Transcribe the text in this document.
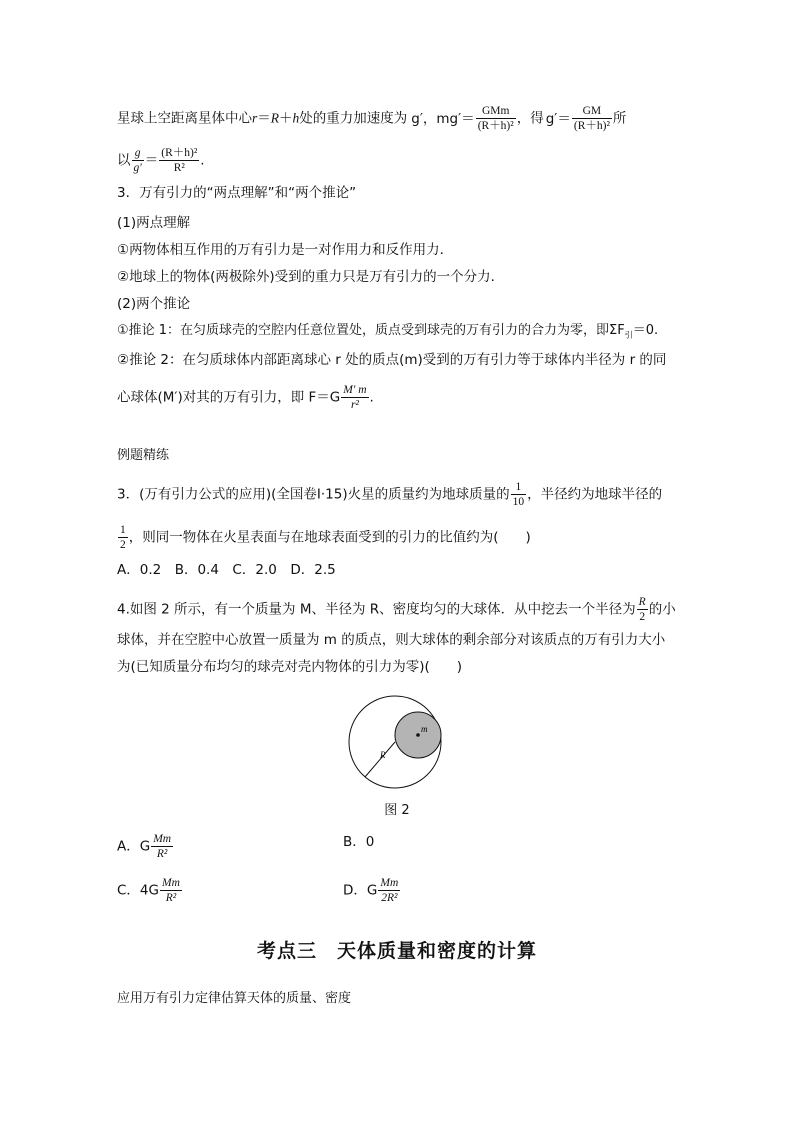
星球上空距离星体中心r＝R＋h处的重力加速度为 g′，$mg'= \frac{\text{GMm}}{\text{(R＋h)²}}$ ，得 $g'= \frac{GM}{\text{(R＋h)²}}$ 所
以 $\frac{g}{g'} = \frac{\text{(R＋h)²}}{\text{R²}}$ .
3．万有引力的“两点理解”和“两个推论”
(1)两点理解
①两物体相互作用的万有引力是一对作用力和反作用力．
②地球上的物体(两极除外)受到的重力只是万有引力的一个分力．
(2)两个推论
①推论 1：在匀质球壳的空腔内任意位置处，质点受到球壳的万有引力的合力为零，即$\Sigma F_引=0$.
②推论 2：在匀质球体内部距离球心 r 处的质点(m)受到的万有引力等于球体内半径为 r 的同
心球体(M′)对其的万有引力，即 $F=G \frac{M' m}{\text{r²}}$ .
例题精练
3．(万有引力公式的应用)(全国卷Ⅰ·15)火星的质量约为地球质量的 $\frac{1}{10}$ ，半径约为地球半径的
$\frac{1}{2}$ ，则同一物体在火星表面与在地球表面受到的引力的比值约为(　　)
A．0.2　B．0.4　C．2.0　D．2.5
4.如图 2 所示，有一个质量为 M、半径为 R、密度均匀的大球体．从中挖去一个半径为 $\frac{R}{2}$ 的小
球体，并在空腔中心放置一质量为 m 的质点，则大球体的剩余部分对该质点的万有引力大小
为(已知质量分布均匀的球壳对壳内物体的引力为零)(　　)
m
R
图 2
A．G $\frac{Mm}{\text{R²}}$	B．0
C．$4G \frac{Mm}{\text{R²}}$	D．G $\frac{Mm}{\text{2R²}}$
考点三　天体质量和密度的计算
应用万有引力定律估算天体的质量、密度
